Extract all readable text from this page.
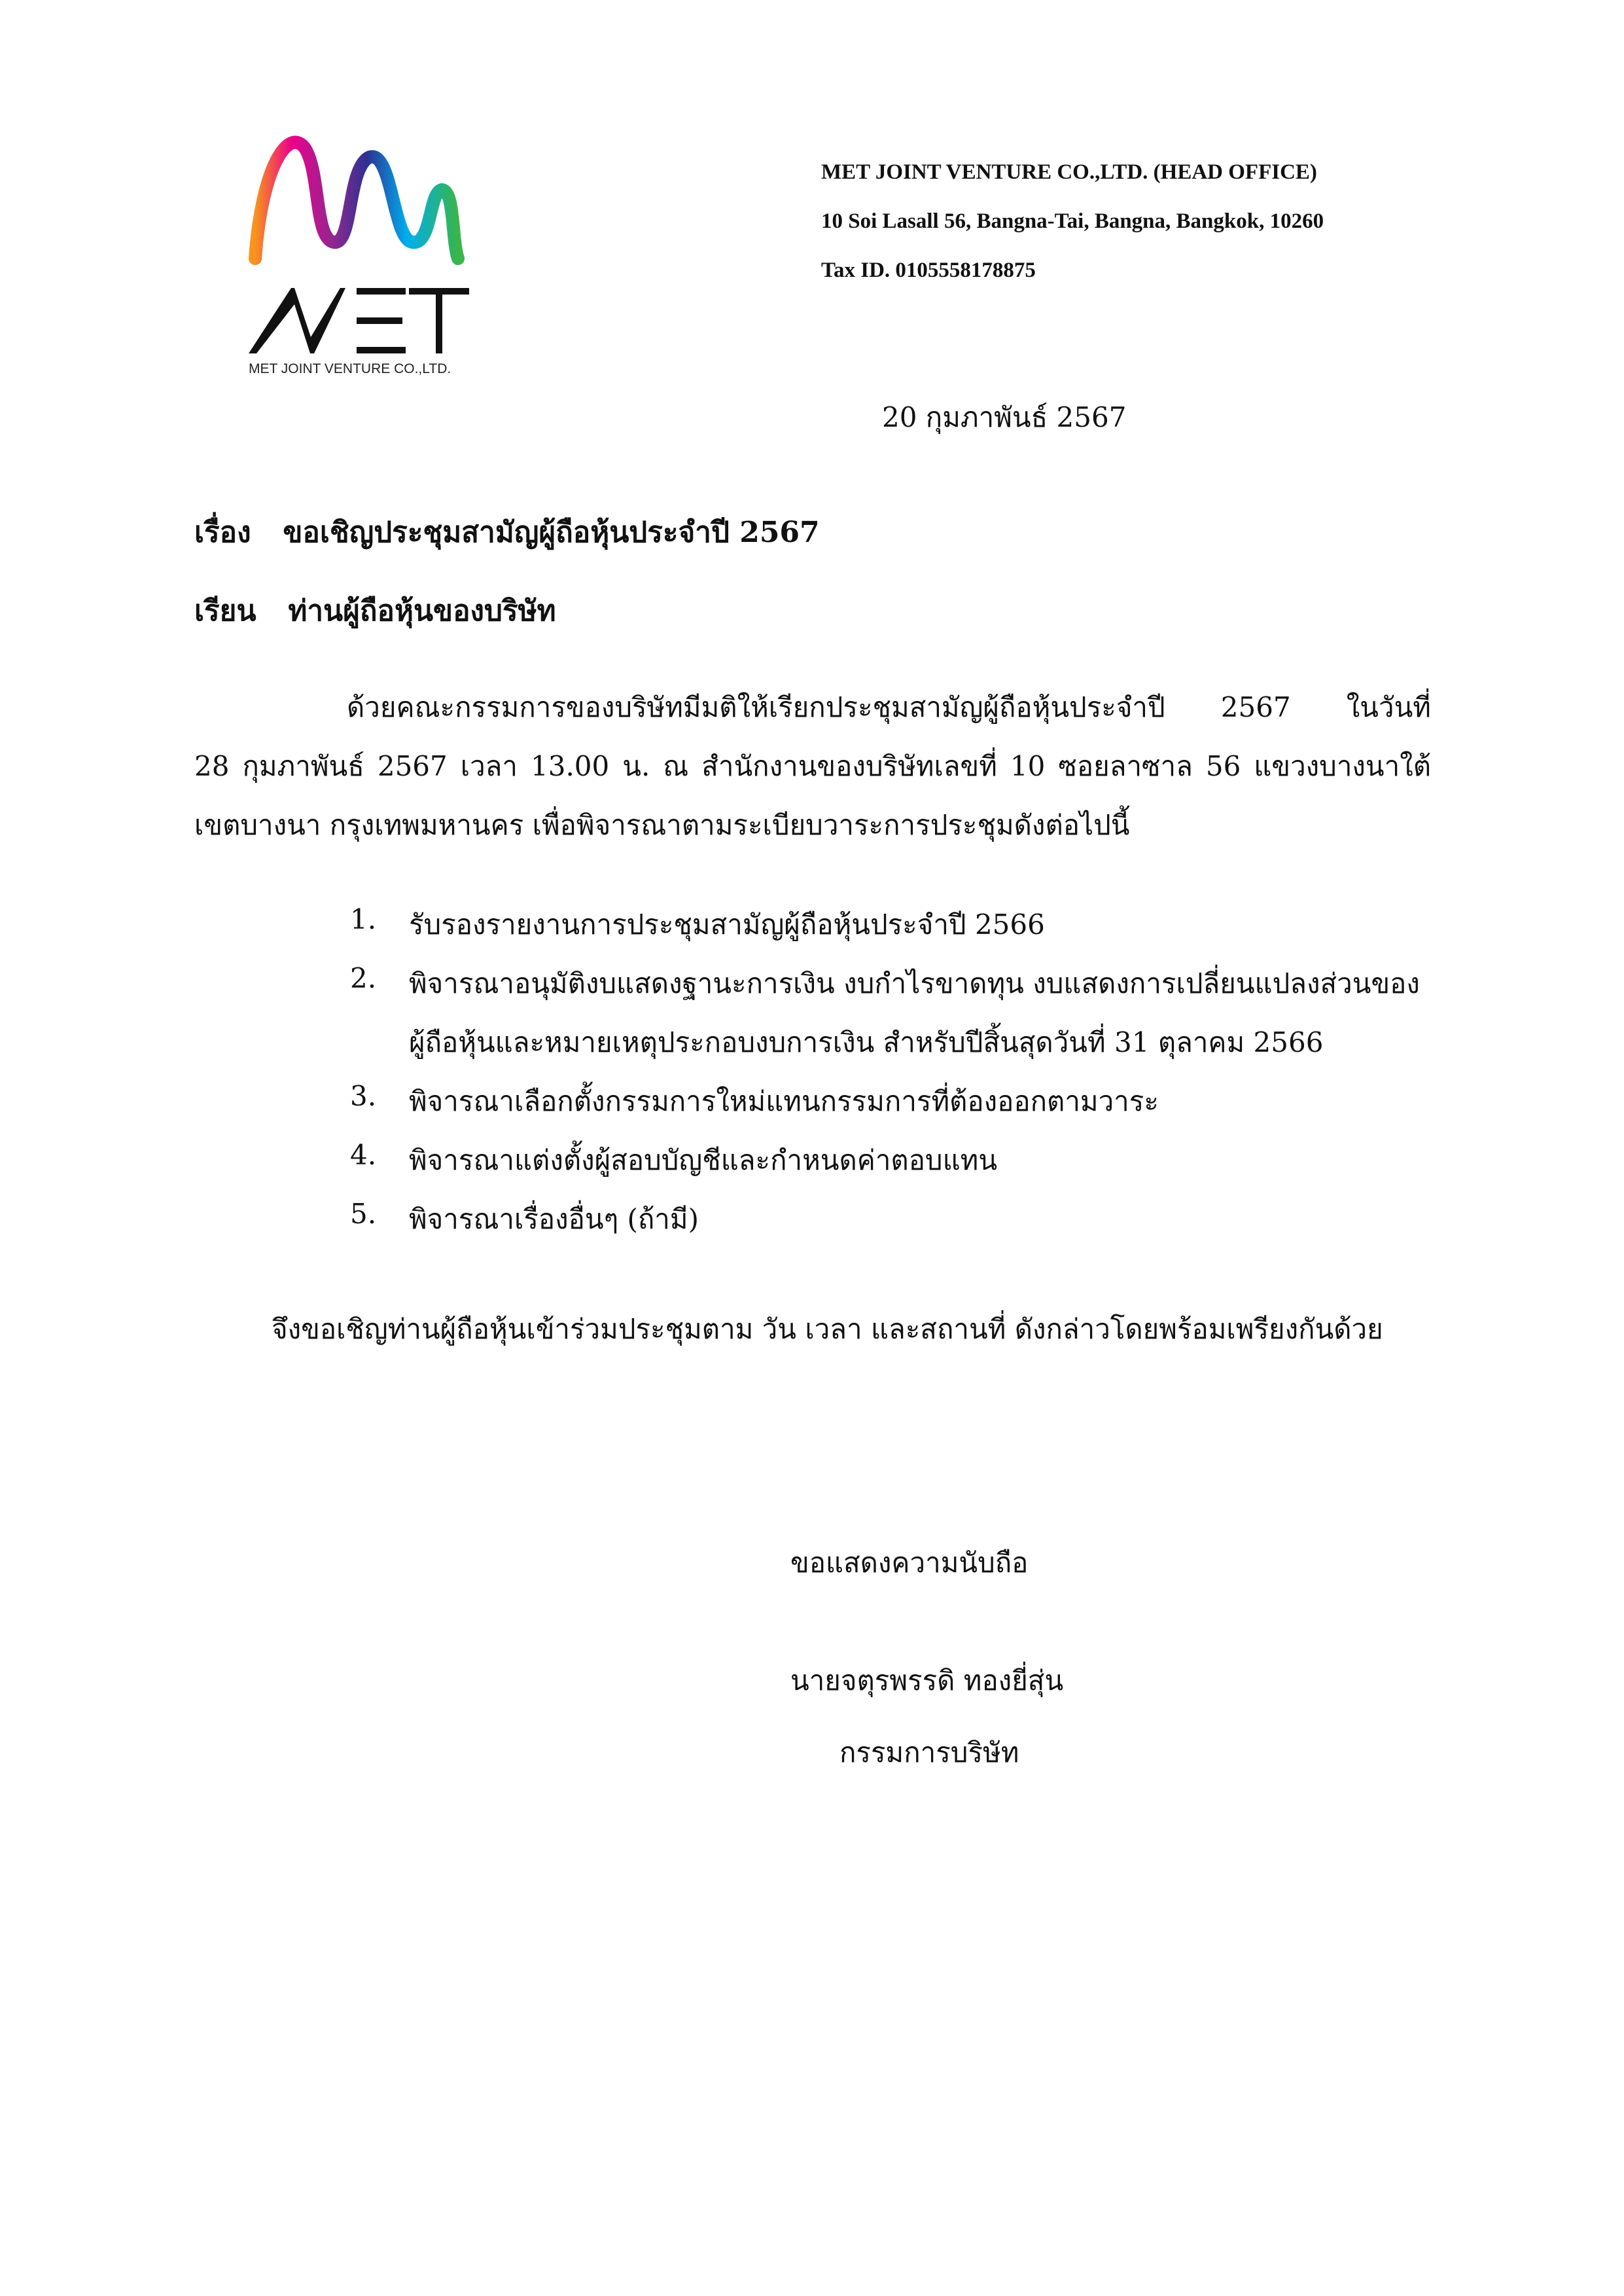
MET JOINT VENTURE CO.,LTD.
MET JOINT VENTURE CO.,LTD. (HEAD OFFICE)
10 Soi Lasall 56, Bangna-Tai, Bangna, Bangkok, 10260
Tax ID. 0105558178875
20 กุมภาพันธ์ 2567
เรื่อง ขอเชิญประชุมสามัญผู้ถือหุ้นประจำปี 2567
เรียน ท่านผู้ถือหุ้นของบริษัท
ด้วยคณะกรรมการของบริษัทมีมติให้เรียกประชุมสามัญผู้ถือหุ้นประจำปี 2567 ในวันที่
28 กุมภาพันธ์ 2567 เวลา 13.00 น. ณ สำนักงานของบริษัทเลขที่ 10 ซอยลาซาล 56 แขวงบางนาใต้
เขตบางนา กรุงเทพมหานคร เพื่อพิจารณาตามระเบียบวาระการประชุมดังต่อไปนี้
1. รับรองรายงานการประชุมสามัญผู้ถือหุ้นประจำปี 2566
2. พิจารณาอนุมัติงบแสดงฐานะการเงิน งบกำไรขาดทุน งบแสดงการเปลี่ยนแปลงส่วนของ
ผู้ถือหุ้นและหมายเหตุประกอบงบการเงิน สำหรับปีสิ้นสุดวันที่ 31 ตุลาคม 2566
3. พิจารณาเลือกตั้งกรรมการใหม่แทนกรรมการที่ต้องออกตามวาระ
4. พิจารณาแต่งตั้งผู้สอบบัญชีและกำหนดค่าตอบแทน
5. พิจารณาเรื่องอื่นๆ (ถ้ามี)
จึงขอเชิญท่านผู้ถือหุ้นเข้าร่วมประชุมตาม วัน เวลา และสถานที่ ดังกล่าวโดยพร้อมเพรียงกันด้วย
ขอแสดงความนับถือ
นายจตุรพรรดิ ทองยี่สุ่น
กรรมการบริษัท
